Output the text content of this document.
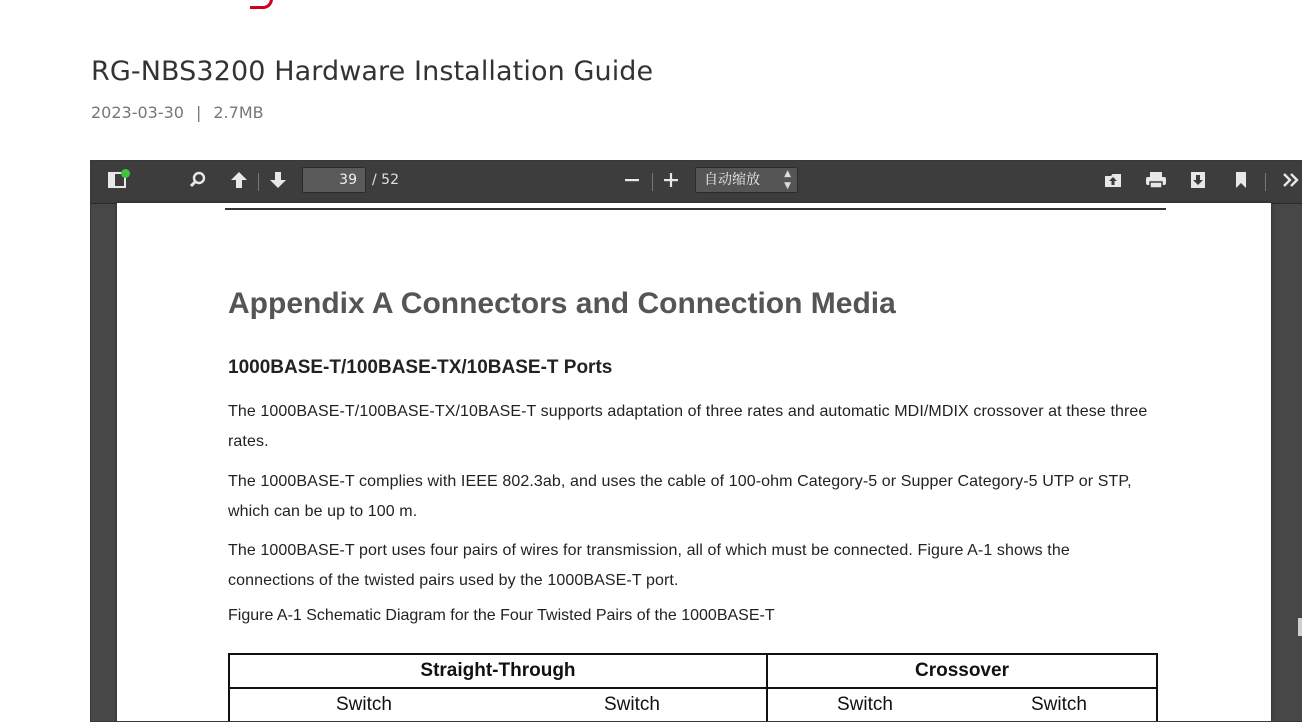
RG-NBS3200 Hardware Installation Guide
2023-03-30 | 2.7MB
39	/ 52	自动缩放	▲
▼
Appendix A Connectors and Connection Media
1000BASE-T/100BASE-TX/10BASE-T Ports
The 1000BASE-T/100BASE-TX/10BASE-T supports adaptation of three rates and automatic MDI/MDIX crossover at these three rates.
The 1000BASE-T complies with IEEE 802.3ab, and uses the cable of 100-ohm Category-5 or Supper Category-5 UTP or STP, which can be up to 100 m.
The 1000BASE-T port uses four pairs of wires for transmission, all of which must be connected. Figure A-1 shows the connections of the twisted pairs used by the 1000BASE-T port.
Figure A-1 Schematic Diagram for the Four Twisted Pairs of the 1000BASE-T
Straight-Through	Crossover

Switch Switch	Switch Switch
